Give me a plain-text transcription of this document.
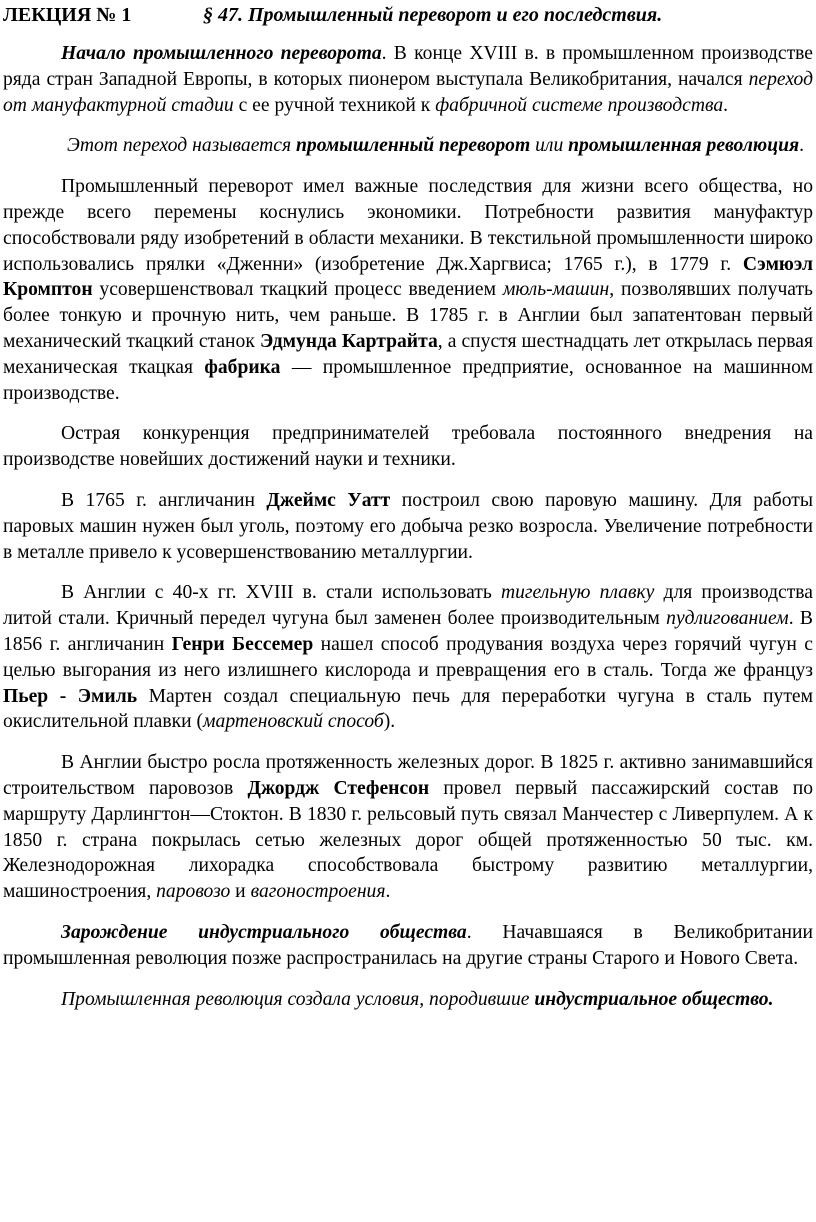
ЛЕКЦИЯ № 1	§ 47. Промышленный переворот и его последствия.

Начало промышленного переворота. В конце XVIII в. в промышленном производстве ряда стран Западной Европы, в которых пионером выступала Великобритания, начался переход от мануфактурной стадии с ее ручной техникой к фабричной системе производства.

Этот переход называется промышленный переворот или промышленная революция.

Промышленный переворот имел важные последствия для жизни всего общества, но прежде всего перемены коснулись экономики. Потребности развития мануфактур способствовали ряду изобретений в области механики. В текстильной промышленности широко использовались прялки «Дженни» (изобретение Дж.Харгвиса; 1765 г.), в 1779 г. Сэмюэл Кромптон усовершенствовал ткацкий процесс введением мюль-машин, позволявших получать более тонкую и прочную нить, чем раньше. В 1785 г. в Англии был запатентован первый механический ткацкий станок Эдмунда Картрайта, а спустя шестнадцать лет открылась первая механическая ткацкая фабрика — промышленное предприятие, основанное на машинном производстве.

Острая конкуренция предпринимателей требовала постоянного внедрения на производстве новейших достижений науки и техники.

В 1765 г. англичанин Джеймс Уатт построил свою паровую машину. Для работы паровых машин нужен был уголь, поэтому его добыча резко возросла. Увеличение потребности в металле привело к усовершенствованию металлургии.

В Англии с 40-х гг. XVIII в. стали использовать тигельную плавку для производства литой стали. Кричный передел чугуна был заменен более производительным пудлигованием. В 1856 г. англичанин Генри Бессемер нашел способ продувания воздуха через горячий чугун с целью выгорания из него излишнего кислорода и превращения его в сталь. Тогда же француз Пьер - Эмиль Мартен создал специальную печь для переработки чугуна в сталь путем окислительной плавки (мартеновский способ).

В Англии быстро росла протяженность железных дорог. В 1825 г. активно занимавшийся строительством паровозов Джордж Стефенсон провел первый пассажирский состав по маршруту Дарлингтон—Стоктон. В 1830 г. рельсовый путь связал Манчестер с Ливерпулем. А к 1850 г. страна покрылась сетью железных дорог общей протяженностью 50 тыс. км. Железнодорожная лихорадка способствовала быстрому развитию металлургии, машиностроения, паровозо и вагоностроения.

Зарождение индустриального общества. Начавшаяся в Великобритании промышленная революция позже распространилась на другие страны Старого и Нового Света.

Промышленная революция создала условия, породившие индустриальное общество.
